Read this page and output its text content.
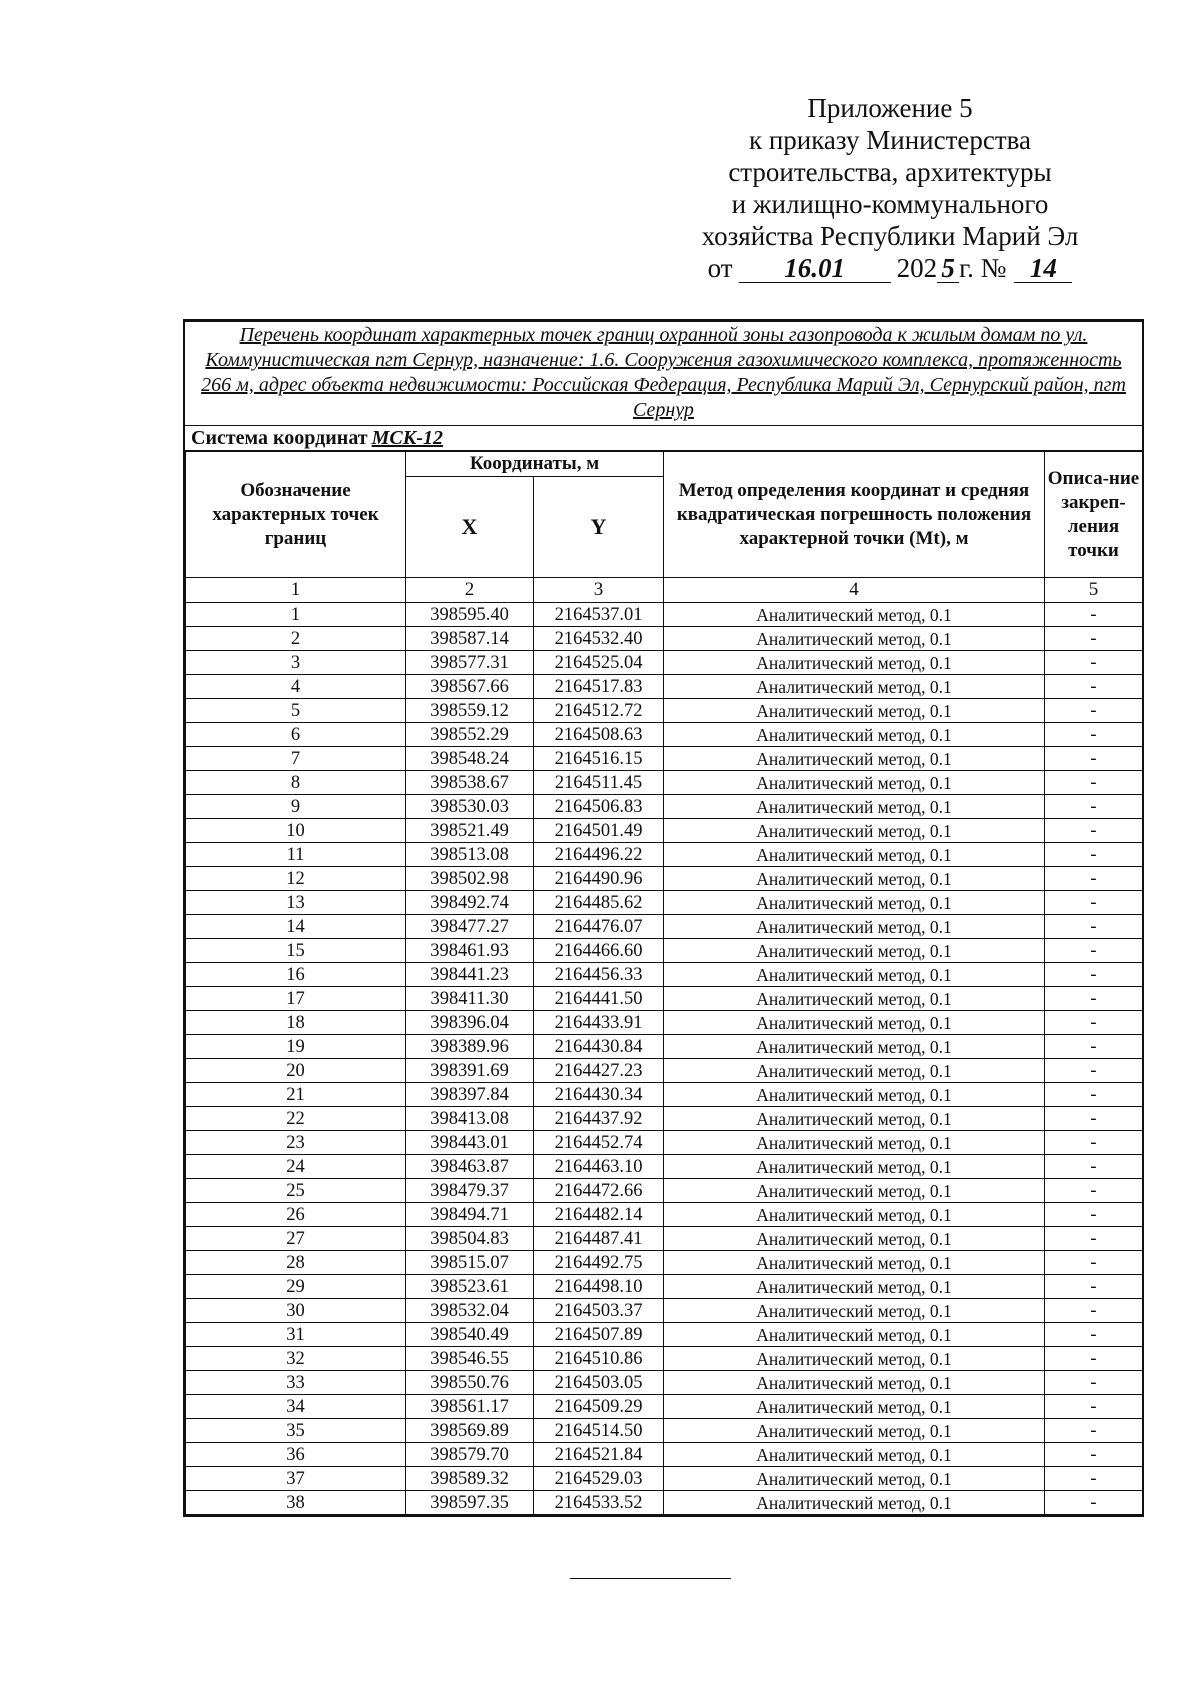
Приложение 5
к приказу Министерства
строительства, архитектуры
и жилищно-коммунального
хозяйства Республики Марий Эл
от 16.01 202 5 г. № 14
Перечень координат характерных точек границ охранной зоны газопровода к жилым домам по ул. Коммунистическая пгт Сернур, назначение: 1.6. Сооружения газохимического комплекса, протяженность 266 м, адрес объекта недвижимости: Российская Федерация, Республика Марий Эл, Сернурский район, пгт Сернур
Система координат МСК-12
Обозначение характерных точек границ	Координаты, м		Метод определения координат и средняя квадратическая погрешность положения характерной точки (Mt), м	Описа-ние закреп-ления точки
	X	Y		
1	2	3	4	5
1	398595.40	2164537.01	Аналитический метод, 0.1	-
2	398587.14	2164532.40	Аналитический метод, 0.1	-
3	398577.31	2164525.04	Аналитический метод, 0.1	-
4	398567.66	2164517.83	Аналитический метод, 0.1	-
5	398559.12	2164512.72	Аналитический метод, 0.1	-
6	398552.29	2164508.63	Аналитический метод, 0.1	-
7	398548.24	2164516.15	Аналитический метод, 0.1	-
8	398538.67	2164511.45	Аналитический метод, 0.1	-
9	398530.03	2164506.83	Аналитический метод, 0.1	-
10	398521.49	2164501.49	Аналитический метод, 0.1	-
11	398513.08	2164496.22	Аналитический метод, 0.1	-
12	398502.98	2164490.96	Аналитический метод, 0.1	-
13	398492.74	2164485.62	Аналитический метод, 0.1	-
14	398477.27	2164476.07	Аналитический метод, 0.1	-
15	398461.93	2164466.60	Аналитический метод, 0.1	-
16	398441.23	2164456.33	Аналитический метод, 0.1	-
17	398411.30	2164441.50	Аналитический метод, 0.1	-
18	398396.04	2164433.91	Аналитический метод, 0.1	-
19	398389.96	2164430.84	Аналитический метод, 0.1	-
20	398391.69	2164427.23	Аналитический метод, 0.1	-
21	398397.84	2164430.34	Аналитический метод, 0.1	-
22	398413.08	2164437.92	Аналитический метод, 0.1	-
23	398443.01	2164452.74	Аналитический метод, 0.1	-
24	398463.87	2164463.10	Аналитический метод, 0.1	-
25	398479.37	2164472.66	Аналитический метод, 0.1	-
26	398494.71	2164482.14	Аналитический метод, 0.1	-
27	398504.83	2164487.41	Аналитический метод, 0.1	-
28	398515.07	2164492.75	Аналитический метод, 0.1	-
29	398523.61	2164498.10	Аналитический метод, 0.1	-
30	398532.04	2164503.37	Аналитический метод, 0.1	-
31	398540.49	2164507.89	Аналитический метод, 0.1	-
32	398546.55	2164510.86	Аналитический метод, 0.1	-
33	398550.76	2164503.05	Аналитический метод, 0.1	-
34	398561.17	2164509.29	Аналитический метод, 0.1	-
35	398569.89	2164514.50	Аналитический метод, 0.1	-
36	398579.70	2164521.84	Аналитический метод, 0.1	-
37	398589.32	2164529.03	Аналитический метод, 0.1	-
38	398597.35	2164533.52	Аналитический метод, 0.1	-
